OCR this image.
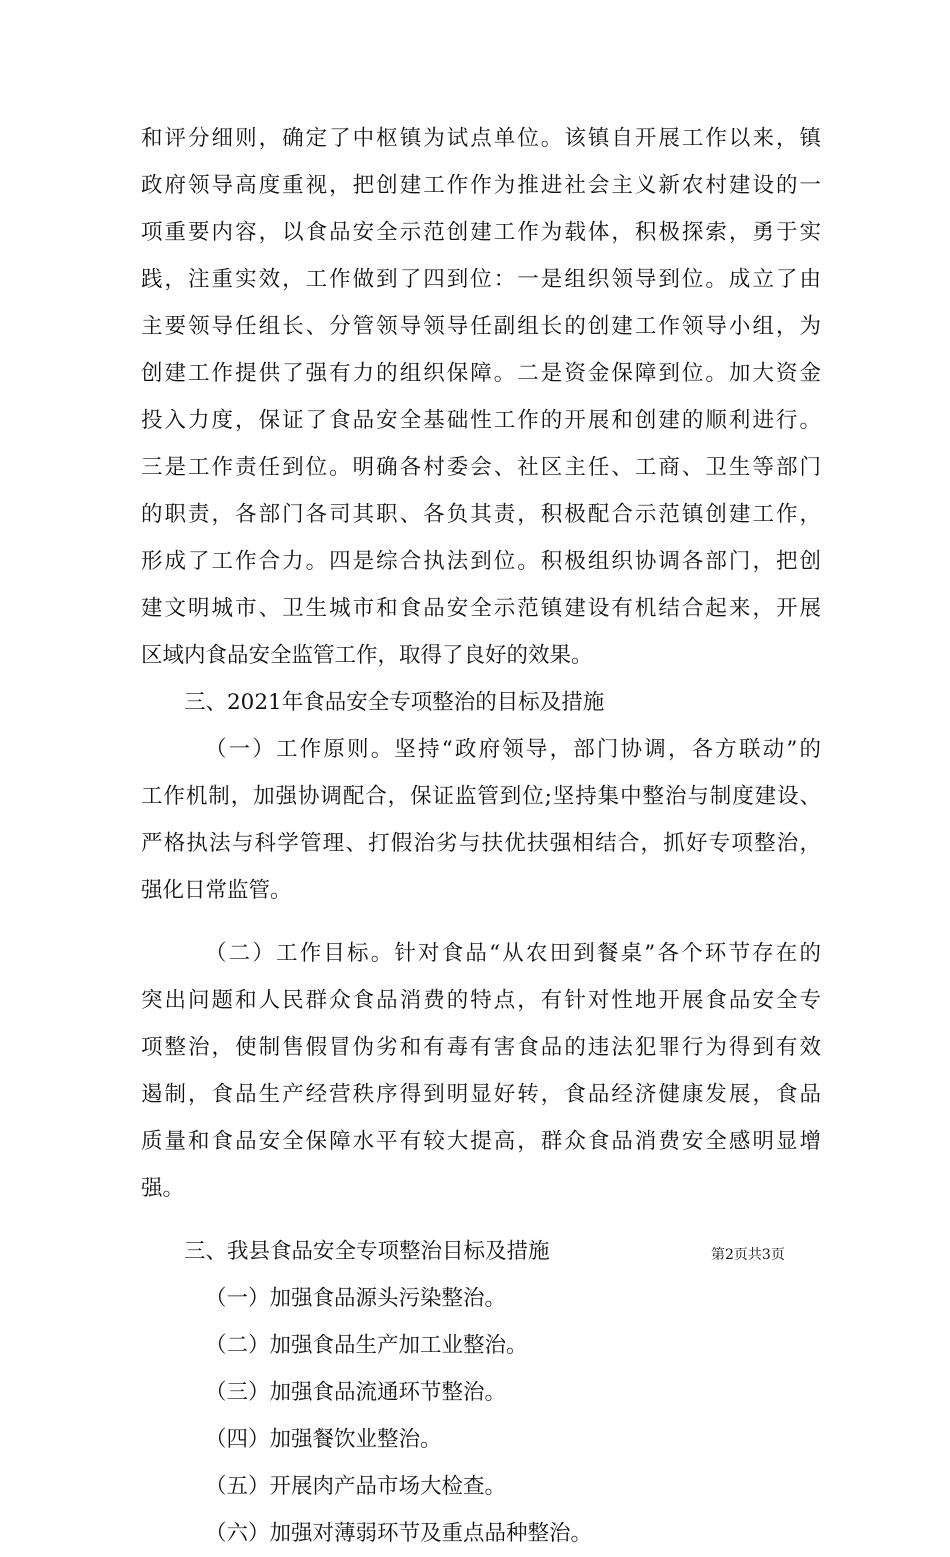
和评分细则，确定了中枢镇为试点单位。该镇自开展工作以来，镇
政府领导高度重视，把创建工作作为推进社会主义新农村建设的一
项重要内容，以食品安全示范创建工作为载体，积极探索，勇于实
践，注重实效，工作做到了四到位：一是组织领导到位。成立了由
主要领导任组长、分管领导领导任副组长的创建工作领导小组，为
创建工作提供了强有力的组织保障。二是资金保障到位。加大资金
投入力度，保证了食品安全基础性工作的开展和创建的顺利进行。
三是工作责任到位。明确各村委会、社区主任、工商、卫生等部门
的职责，各部门各司其职、各负其责，积极配合示范镇创建工作，
形成了工作合力。四是综合执法到位。积极组织协调各部门，把创
建文明城市、卫生城市和食品安全示范镇建设有机结合起来，开展
区域内食品安全监管工作，取得了良好的效果。
三、2021年食品安全专项整治的目标及措施
（一）工作原则。坚持“政府领导，部门协调，各方联动”的
工作机制，加强协调配合，保证监管到位;坚持集中整治与制度建设、
严格执法与科学管理、打假治劣与扶优扶强相结合，抓好专项整治，
强化日常监管。
（二）工作目标。针对食品“从农田到餐桌”各个环节存在的
突出问题和人民群众食品消费的特点，有针对性地开展食品安全专
项整治，使制售假冒伪劣和有毒有害食品的违法犯罪行为得到有效
遏制，食品生产经营秩序得到明显好转，食品经济健康发展，食品
质量和食品安全保障水平有较大提高，群众食品消费安全感明显增
强。
三、我县食品安全专项整治目标及措施
（一）加强食品源头污染整治。
（二）加强食品生产加工业整治。
（三）加强食品流通环节整治。
（四）加强餐饮业整治。
（五）开展肉产品市场大检查。
（六）加强对薄弱环节及重点品种整治。
第2页共3页
